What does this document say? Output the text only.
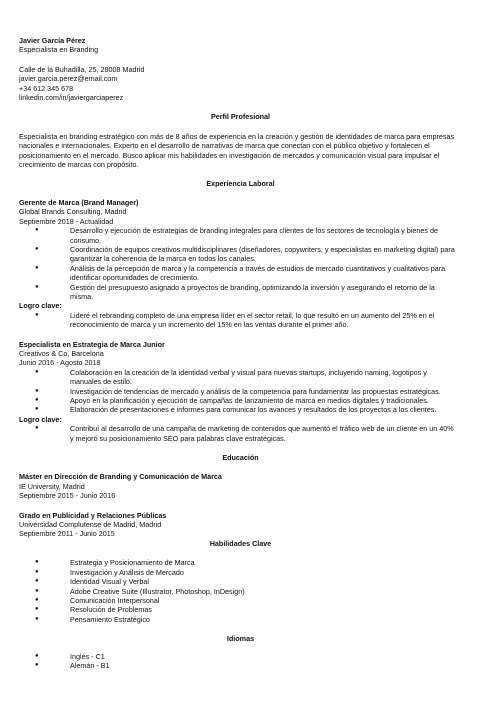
Javier García Pérez
Especialista en Branding
Calle de la Buhadilla, 25, 28008 Madrid
javier.garcia.perez@email.com
+34 612 345 678
linkedin.com/in/javiergarciaperez
Perfil Profesional
Especialista en branding estratégico con más de 8 años de experiencia en la creación y gestión de identidades de marca para empresas nacionales e internacionales. Experto en el desarrollo de narrativas de marca que conectan con el público objetivo y fortalecen el posicionamiento en el mercado. Busco aplicar mis habilidades en investigación de mercados y comunicación visual para impulsar el crecimiento de marcas con propósito.
Experiencia Laboral
Gerente de Marca (Brand Manager)
Global Brands Consulting, Madrid
Septiembre 2018 - Actualidad
● Desarrollo y ejecución de estrategias de branding integrales para clientes de los sectores de tecnología y bienes de consumo.
● Coordinación de equipos creativos multidisciplinares (diseñadores, copywriters, y especialistas en marketing digital) para garantizar la coherencia de la marca en todos los canales.
● Análisis de la percepción de marca y la competencia a través de estudios de mercado cuantitativos y cualitativos para identificar oportunidades de crecimiento.
● Gestión del presupuesto asignado a proyectos de branding, optimizando la inversión y asegurando el retorno de la misma.
Logro clave:
● Lideré el rebranding completo de una empresa líder en el sector retail, lo que resultó en un aumento del 25% en el reconocimiento de marca y un incremento del 15% en las ventas durante el primer año.
Especialista en Estrategia de Marca Junior
Creativos & Co, Barcelona
Junio 2016 - Agosto 2018
● Colaboración en la creación de la identidad verbal y visual para nuevas startups, incluyendo naming, logotipos y manuales de estilo.
● Investigación de tendencias de mercado y análisis de la competencia para fundamentar las propuestas estratégicas.
● Apoyo en la planificación y ejecución de campañas de lanzamiento de marca en medios digitales y tradicionales.
● Elaboración de presentaciones e informes para comunicar los avances y resultados de los proyectos a los clientes.
Logro clave:
● Contribuí al desarrollo de una campaña de marketing de contenidos que aumentó el tráfico web de un cliente en un 40% y mejoró su posicionamiento SEO para palabras clave estratégicas.
Educación
Máster en Dirección de Branding y Comunicación de Marca
IE University, Madrid
Septiembre 2015 - Junio 2016
Grado en Publicidad y Relaciones Públicas
Universidad Complutense de Madrid, Madrid
Septiembre 2011 - Junio 2015
Habilidades Clave
● Estrategia y Posicionamiento de Marca
● Investigación y Análisis de Mercado
● Identidad Visual y Verbal
● Adobe Creative Suite (Illustrator, Photoshop, InDesign)
● Comunicación Interpersonal
● Resolución de Problemas
● Pensamiento Estratégico
Idiomas
● Inglés - C1
● Alemán - B1
